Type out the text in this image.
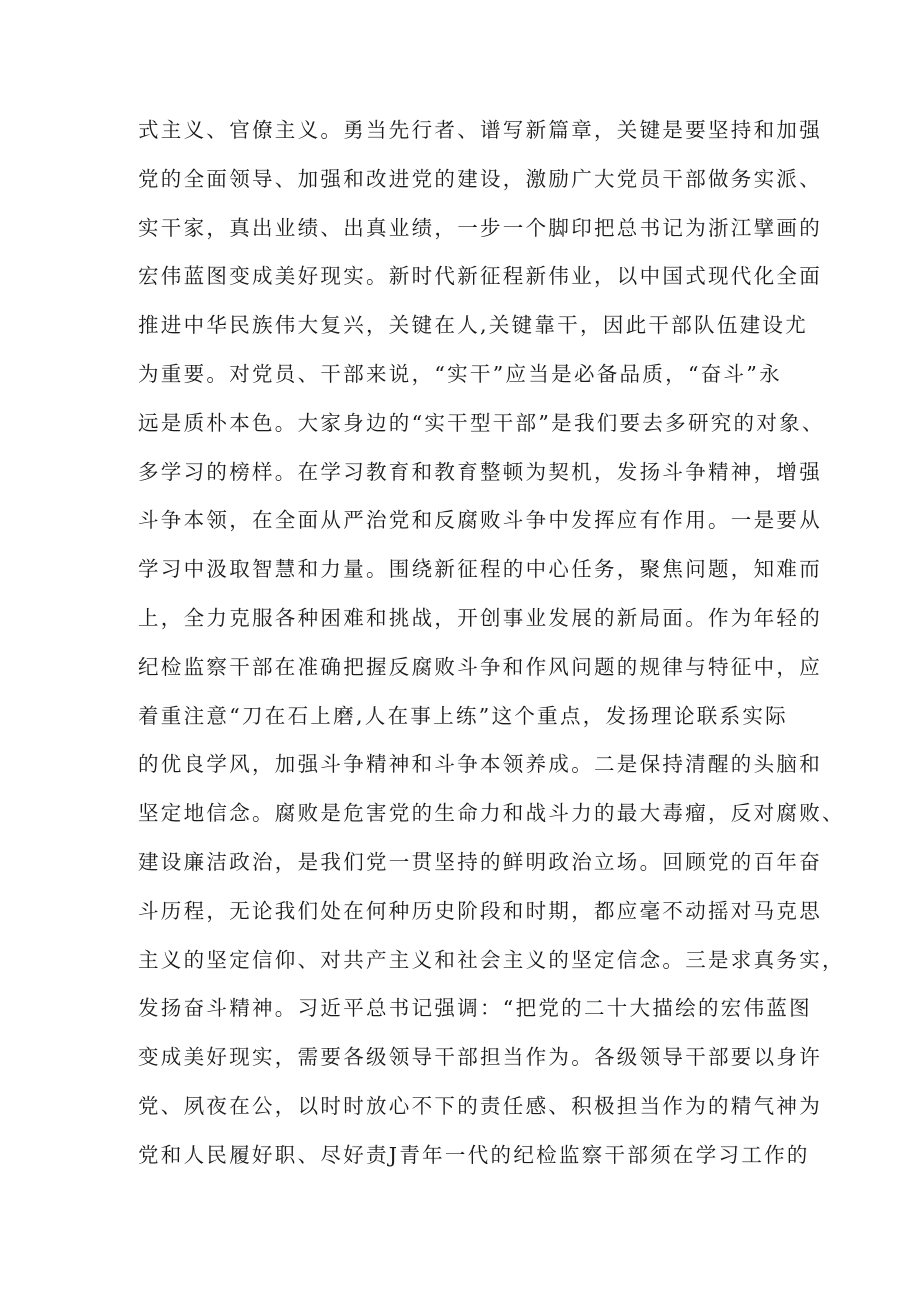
式主义、官僚主义。勇当先行者、谱写新篇章，关键是要坚持和加强
党的全面领导、加强和改进党的建设，激励广大党员干部做务实派、
实干家，真出业绩、出真业绩，一步一个脚印把总书记为浙江擘画的
宏伟蓝图变成美好现实。新时代新征程新伟业，以中国式现代化全面
推进中华民族伟大复兴，关键在人,关键靠干，因此干部队伍建设尤
为重要。对党员、干部来说，“实干”应当是必备品质，“奋斗”永
远是质朴本色。大家身边的“实干型干部”是我们要去多研究的对象、
多学习的榜样。在学习教育和教育整顿为契机，发扬斗争精神，增强
斗争本领，在全面从严治党和反腐败斗争中发挥应有作用。一是要从
学习中汲取智慧和力量。围绕新征程的中心任务，聚焦问题，知难而
上，全力克服各种困难和挑战，开创事业发展的新局面。作为年轻的
纪检监察干部在准确把握反腐败斗争和作风问题的规律与特征中，应
着重注意“刀在石上磨,人在事上练”这个重点，发扬理论联系实际
的优良学风，加强斗争精神和斗争本领养成。二是保持清醒的头脑和
坚定地信念。腐败是危害党的生命力和战斗力的最大毒瘤，反对腐败、
建设廉洁政治，是我们党一贯坚持的鲜明政治立场。回顾党的百年奋
斗历程，无论我们处在何种历史阶段和时期，都应毫不动摇对马克思
主义的坚定信仰、对共产主义和社会主义的坚定信念。三是求真务实，
发扬奋斗精神。习近平总书记强调：“把党的二十大描绘的宏伟蓝图
变成美好现实，需要各级领导干部担当作为。各级领导干部要以身许
党、夙夜在公，以时时放心不下的责任感、积极担当作为的精气神为
党和人民履好职、尽好责J青年一代的纪检监察干部须在学习工作的
